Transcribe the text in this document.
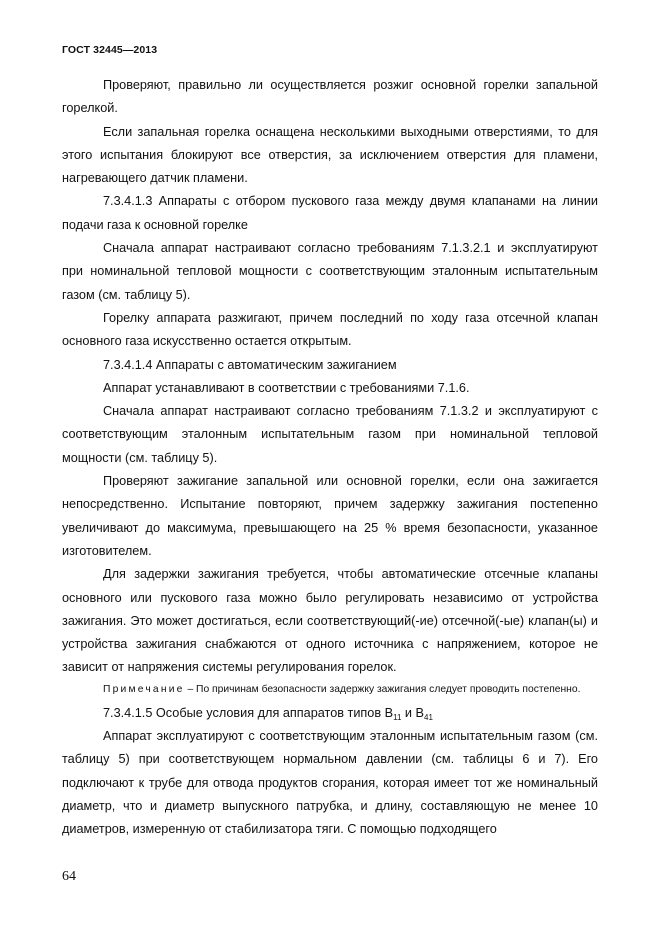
ГОСТ 32445—2013

Проверяют, правильно ли осуществляется розжиг основной горелки запальной горелкой.

Если запальная горелка оснащена несколькими выходными отверстиями, то для этого испытания блокируют все отверстия, за исключением отверстия для пламени, нагревающего датчик пламени.

7.3.4.1.3 Аппараты с отбором пускового газа между двумя клапанами на линии подачи газа к основной горелке

Сначала аппарат настраивают согласно требованиям 7.1.3.2.1 и эксплуатируют при номинальной тепловой мощности с соответствующим эталонным испытательным газом (см. таблицу 5).

Горелку аппарата разжигают, причем последний по ходу газа отсечной клапан основного газа искусственно остается открытым.

7.3.4.1.4 Аппараты с автоматическим зажиганием

Аппарат устанавливают в соответствии с требованиями 7.1.6.

Сначала аппарат настраивают согласно требованиям 7.1.3.2 и эксплуатируют с соответствующим эталонным испытательным газом при номинальной тепловой мощности (см. таблицу 5).

Проверяют зажигание запальной или основной горелки, если она зажигается непосредственно. Испытание повторяют, причем задержку зажигания постепенно увеличивают до максимума, превышающего на 25 % время безопасности, указанное изготовителем.

Для задержки зажигания требуется, чтобы автоматические отсечные клапаны основного или пускового газа можно было регулировать независимо от устройства зажигания. Это может достигаться, если соответствующий(-ие) отсечной(-ые) клапан(ы) и устройства зажигания снабжаются от одного источника с напряжением, которое не зависит от напряжения системы регулирования горелок.

Примечание – По причинам безопасности задержку зажигания следует проводить постепенно.

7.3.4.1.5 Особые условия для аппаратов типов $B_{11}$ и $B_{41}$

Аппарат эксплуатируют с соответствующим эталонным испытательным газом (см. таблицу 5) при соответствующем нормальном давлении (см. таблицы 6 и 7). Его подключают к трубе для отвода продуктов сгорания, которая имеет тот же номинальный диаметр, что и диаметр выпускного патрубка, и длину, составляющую не менее 10 диаметров, измеренную от стабилизатора тяги. С помощью подходящего

64
